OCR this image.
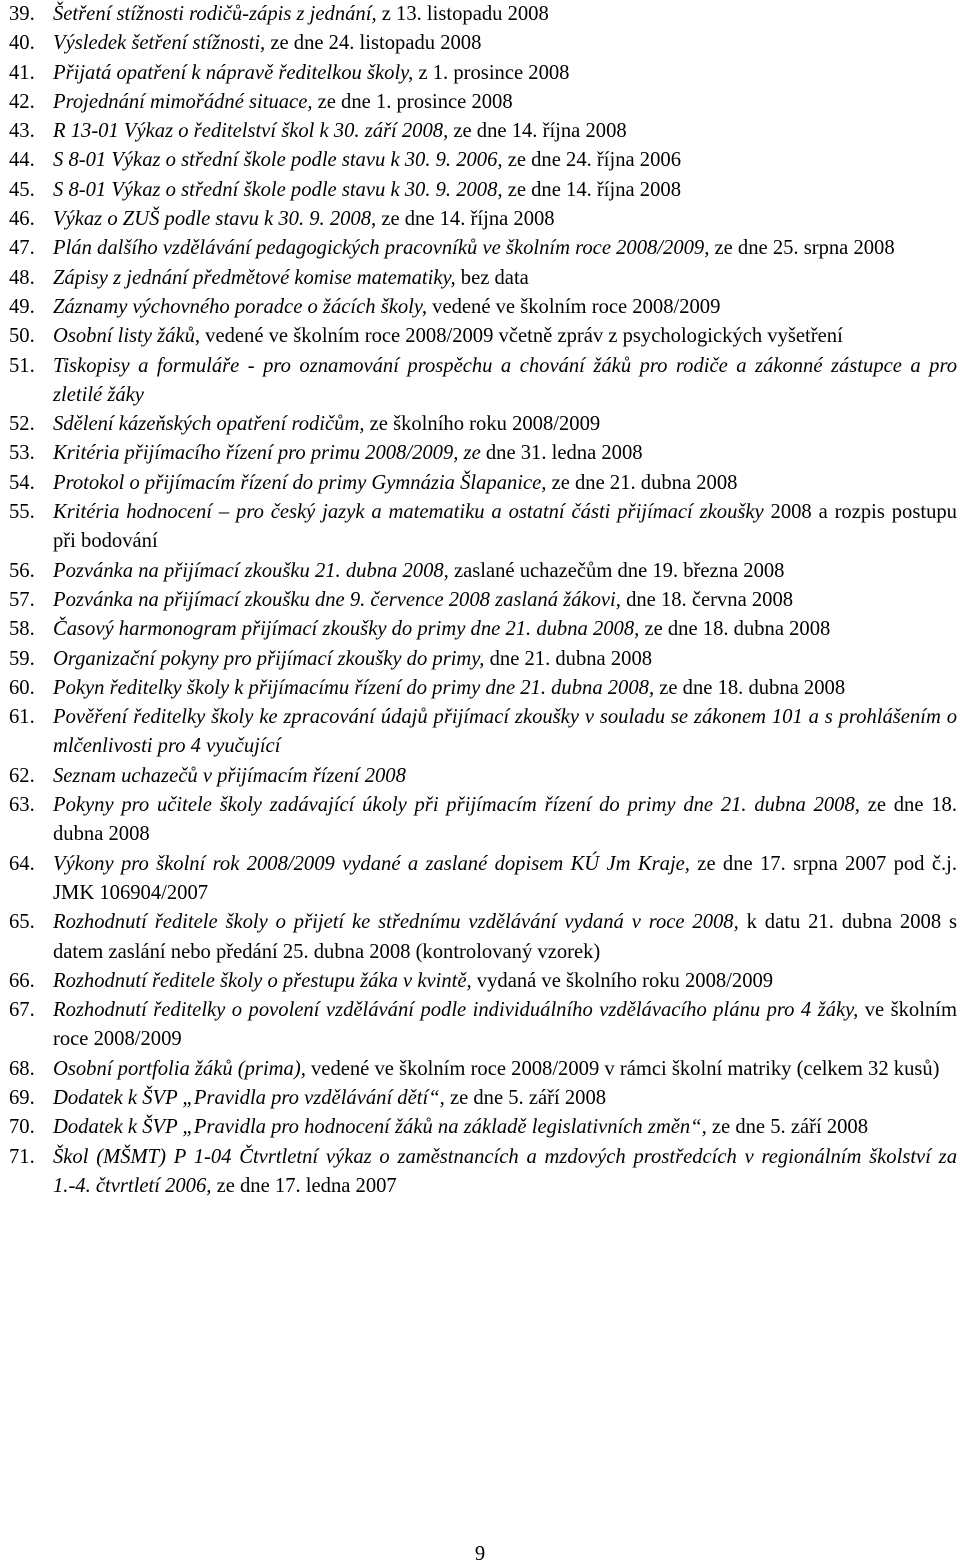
39. Šetření stížnosti rodičů-zápis z jednání, z 13. listopadu 2008
40. Výsledek šetření stížnosti, ze dne 24. listopadu 2008
41. Přijatá opatření k nápravě ředitelkou školy, z 1. prosince 2008
42. Projednání mimořádné situace, ze dne 1. prosince 2008
43. R 13-01 Výkaz o ředitelství škol k 30. září 2008, ze dne 14. října 2008
44. S 8-01 Výkaz o střední škole podle stavu k 30. 9. 2006, ze dne 24. října 2006
45. S 8-01 Výkaz o střední škole podle stavu k 30. 9. 2008, ze dne 14. října 2008
46. Výkaz o ZUŠ podle stavu k 30. 9. 2008, ze dne 14. října 2008
47. Plán dalšího vzdělávání pedagogických pracovníků ve školním roce 2008/2009, ze dne 25. srpna 2008
48. Zápisy z jednání předmětové komise matematiky, bez data
49. Záznamy výchovného poradce o žácích školy, vedené ve školním roce 2008/2009
50. Osobní listy žáků, vedené ve školním roce 2008/2009 včetně zpráv z psychologických vyšetření
51. Tiskopisy a formuláře - pro oznamování prospěchu a chování žáků pro rodiče a zákonné zástupce a pro zletilé žáky
52. Sdělení kázeňských opatření rodičům, ze školního roku 2008/2009
53. Kritéria přijímacího řízení pro primu 2008/2009, ze dne 31. ledna 2008
54. Protokol o přijímacím řízení do primy Gymnázia Šlapanice, ze dne 21. dubna 2008
55. Kritéria hodnocení – pro český jazyk a matematiku a ostatní části přijímací zkoušky 2008 a rozpis postupu při bodování
56. Pozvánka na přijímací zkoušku 21. dubna 2008, zaslané uchazečům dne 19. března 2008
57. Pozvánka na přijímací zkoušku dne 9. července 2008 zaslaná žákovi, dne 18. června 2008
58. Časový harmonogram přijímací zkoušky do primy dne 21. dubna 2008, ze dne 18. dubna 2008
59. Organizační pokyny pro přijímací zkoušky do primy, dne 21. dubna 2008
60. Pokyn ředitelky školy k přijímacímu řízení do primy dne 21. dubna 2008, ze dne 18. dubna 2008
61. Pověření ředitelky školy ke zpracování údajů přijímací zkoušky v souladu se zákonem 101 a s prohlášením o mlčenlivosti pro 4 vyučující
62. Seznam uchazečů v přijímacím řízení 2008
63. Pokyny pro učitele školy zadávající úkoly při přijímacím řízení do primy dne 21. dubna 2008, ze dne 18. dubna 2008
64. Výkony pro školní rok 2008/2009 vydané a zaslané dopisem KÚ Jm Kraje, ze dne 17. srpna 2007 pod č.j. JMK 106904/2007
65. Rozhodnutí ředitele školy o přijetí ke střednímu vzdělávání vydaná v roce 2008, k datu 21. dubna 2008 s datem zaslání nebo předání 25. dubna 2008 (kontrolovaný vzorek)
66. Rozhodnutí ředitele školy o přestupu žáka v kvintě, vydaná ve školního roku 2008/2009
67. Rozhodnutí ředitelky o povolení vzdělávání podle individuálního vzdělávacího plánu pro 4 žáky, ve školním roce 2008/2009
68. Osobní portfolia žáků (prima), vedené ve školním roce 2008/2009 v rámci školní matriky (celkem 32 kusů)
69. Dodatek k ŠVP „Pravidla pro vzdělávání dětí“, ze dne 5. září 2008
70. Dodatek k ŠVP „Pravidla pro hodnocení žáků na základě legislativních změn“, ze dne 5. září 2008
71. Škol (MŠMT) P 1-04 Čtvrtletní výkaz o zaměstnancích a mzdových prostředcích v regionálním školství za 1.-4. čtvrtletí 2006, ze dne 17. ledna 2007
9
